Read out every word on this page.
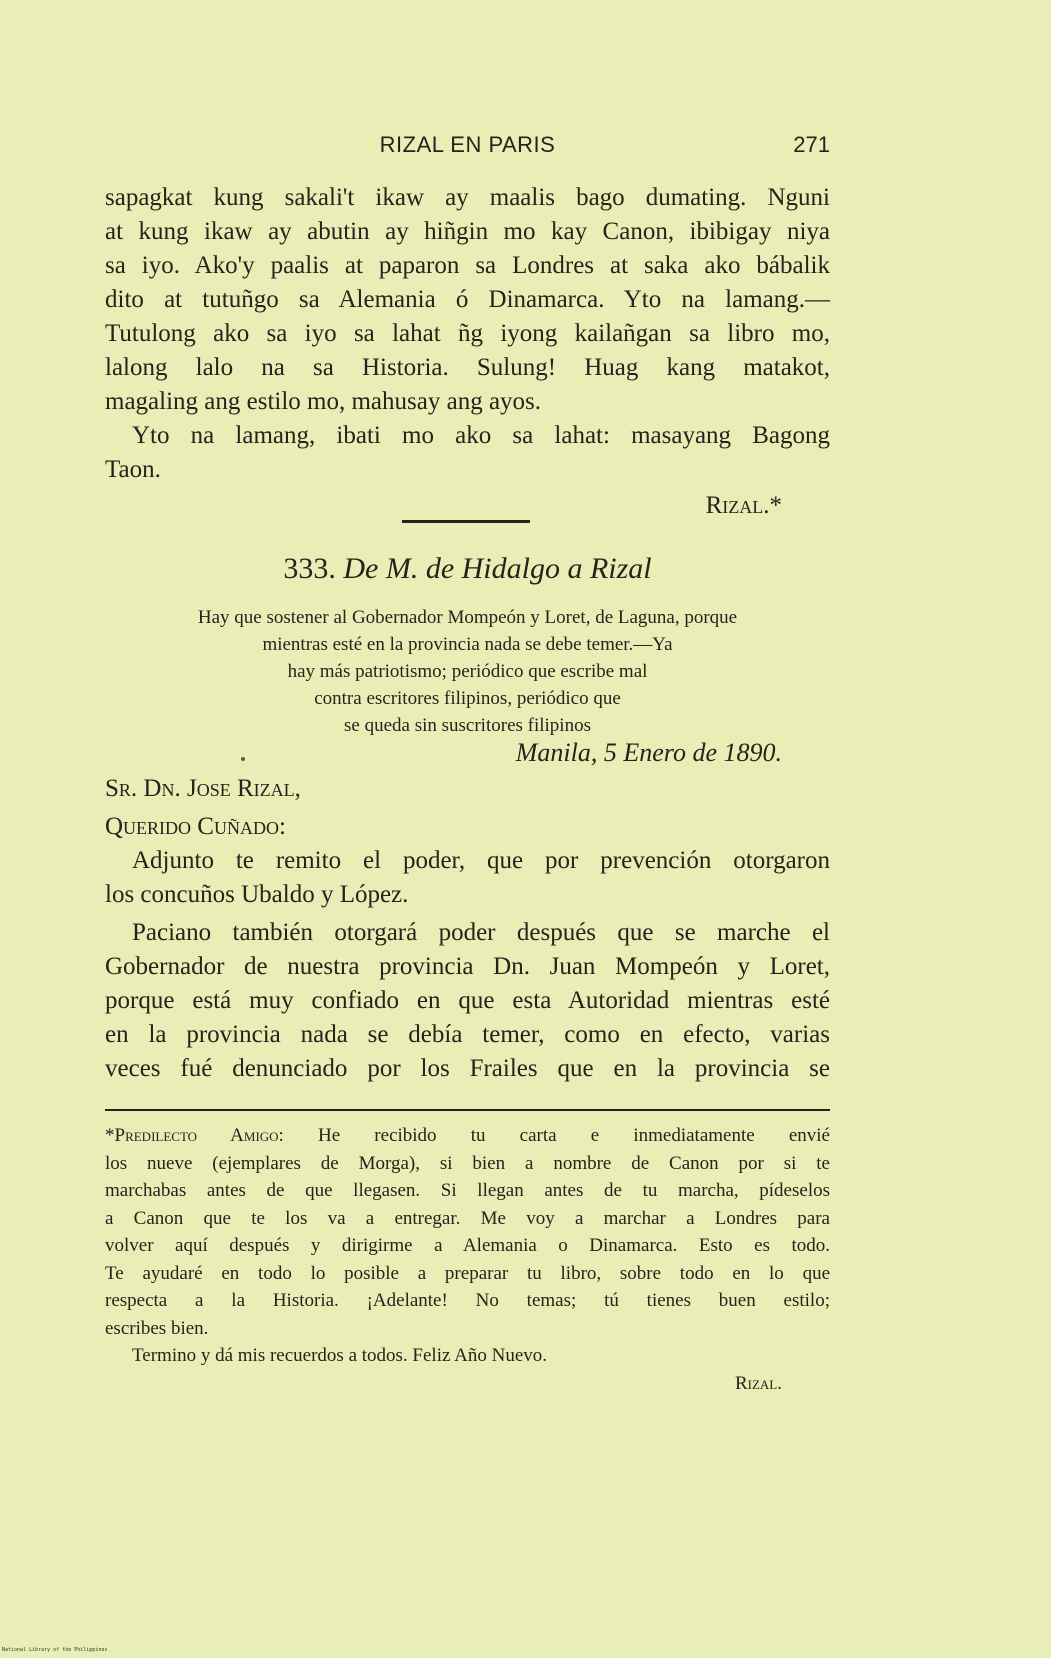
RIZAL EN PARIS	271
sapagkat kung sakali't ikaw ay maalis bago dumating. Nguni
at kung ikaw ay abutin ay hiñgin mo kay Canon, ibibigay niya
sa iyo. Ako'y paalis at paparon sa Londres at saka ako bábalik
dito at tutuñgo sa Alemania ó Dinamarca. Yto na lamang.—
Tutulong ako sa iyo sa lahat ñg iyong kailañgan sa libro mo,
lalong lalo na sa Historia. Sulung! Huag kang matakot,
magaling ang estilo mo, mahusay ang ayos.
Yto na lamang, ibati mo ako sa lahat: masayang Bagong
Taon.
Rizal.*
333. De M. de Hidalgo a Rizal
Hay que sostener al Gobernador Mompeón y Loret, de Laguna, porque
mientras esté en la provincia nada se debe temer.—Ya
hay más patriotismo; periódico que escribe mal
contra escritores filipinos, periódico que
se queda sin suscritores filipinos
Manila, 5 Enero de 1890.
Sr. Dn. Jose Rizal,
Querido Cuñado:
Adjunto te remito el poder, que por prevención otorgaron
los concuños Ubaldo y López.
Paciano también otorgará poder después que se marche el
Gobernador de nuestra provincia Dn. Juan Mompeón y Loret,
porque está muy confiado en que esta Autoridad mientras esté
en la provincia nada se debía temer, como en efecto, varias
veces fué denunciado por los Frailes que en la provincia se
*Predilecto Amigo: He recibido tu carta e inmediatamente envié
los nueve (ejemplares de Morga), si bien a nombre de Canon por si te
marchabas antes de que llegasen. Si llegan antes de tu marcha, pídeselos
a Canon que te los va a entregar. Me voy a marchar a Londres para
volver aquí después y dirigirme a Alemania o Dinamarca. Esto es todo.
Te ayudaré en todo lo posible a preparar tu libro, sobre todo en lo que
respecta a la Historia. ¡Adelante! No temas; tú tienes buen estilo;
escribes bien.
Termino y dá mis recuerdos a todos. Feliz Año Nuevo.
Rizal.
National Library of the Philippines
